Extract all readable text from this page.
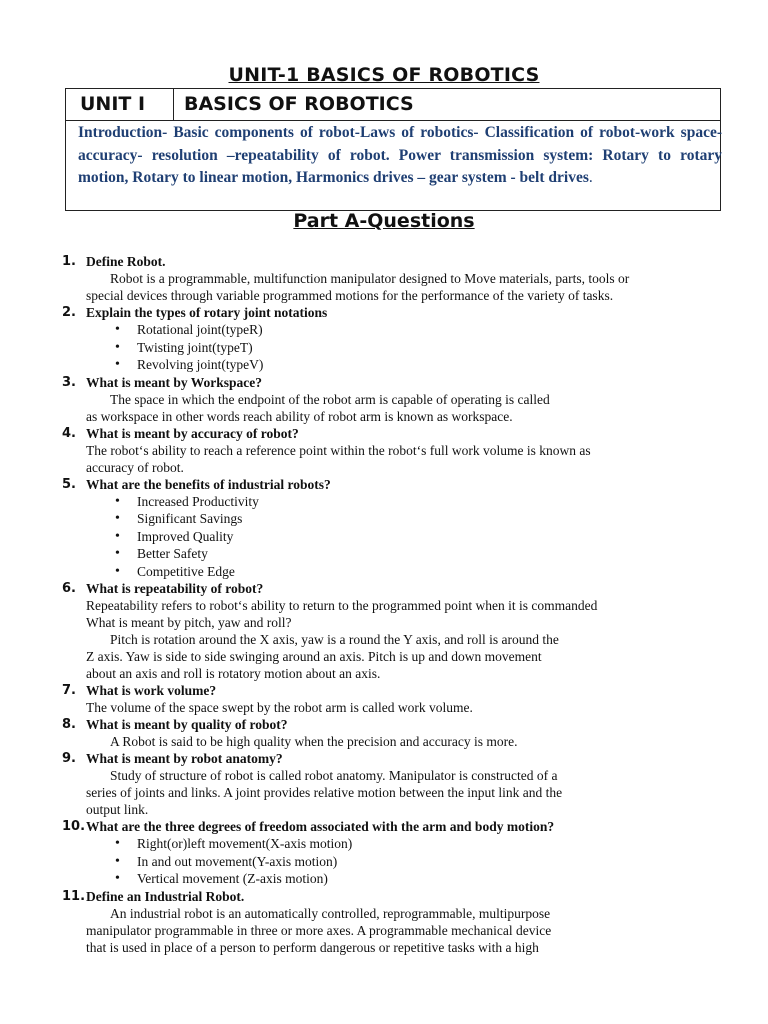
UNIT-1 BASICS OF ROBOTICS
UNIT I	BASICS OF ROBOTICS
Introduction- Basic components of robot-Laws of robotics- Classification of robot-work space-accuracy- resolution –repeatability of robot. Power transmission system: Rotary to rotary motion, Rotary to linear motion, Harmonics drives – gear system - belt drives.
Part A-Questions
1. Define Robot.
Robot is a programmable, multifunction manipulator designed to Move materials, parts, tools or
special devices through variable programmed motions for the performance of the variety of tasks.
2. Explain the types of rotary joint notations
• Rotational joint(typeR)
• Twisting joint(typeT)
• Revolving joint(typeV)
3. What is meant by Workspace?
The space in which the endpoint of the robot arm is capable of operating is called
as workspace in other words reach ability of robot arm is known as workspace.
4. What is meant by accuracy of robot?
The robot‘s ability to reach a reference point within the robot‘s full work volume is known as
accuracy of robot.
5. What are the benefits of industrial robots?
• Increased Productivity
• Significant Savings
• Improved Quality
• Better Safety
• Competitive Edge
6. What is repeatability of robot?
Repeatability refers to robot‘s ability to return to the programmed point when it is commanded
What is meant by pitch, yaw and roll?
Pitch is rotation around the X axis, yaw is a round the Y axis, and roll is around the
Z axis. Yaw is side to side swinging around an axis. Pitch is up and down movement
about an axis and roll is rotatory motion about an axis.
7. What is work volume?
The volume of the space swept by the robot arm is called work volume.
8. What is meant by quality of robot?
A Robot is said to be high quality when the precision and accuracy is more.
9. What is meant by robot anatomy?
Study of structure of robot is called robot anatomy. Manipulator is constructed of a
series of joints and links. A joint provides relative motion between the input link and the
output link.
10. What are the three degrees of freedom associated with the arm and body motion?
• Right(or)left movement(X-axis motion)
• In and out movement(Y-axis motion)
• Vertical movement (Z-axis motion)
11. Define an Industrial Robot.
An industrial robot is an automatically controlled, reprogrammable, multipurpose
manipulator programmable in three or more axes. A programmable mechanical device
that is used in place of a person to perform dangerous or repetitive tasks with a high
